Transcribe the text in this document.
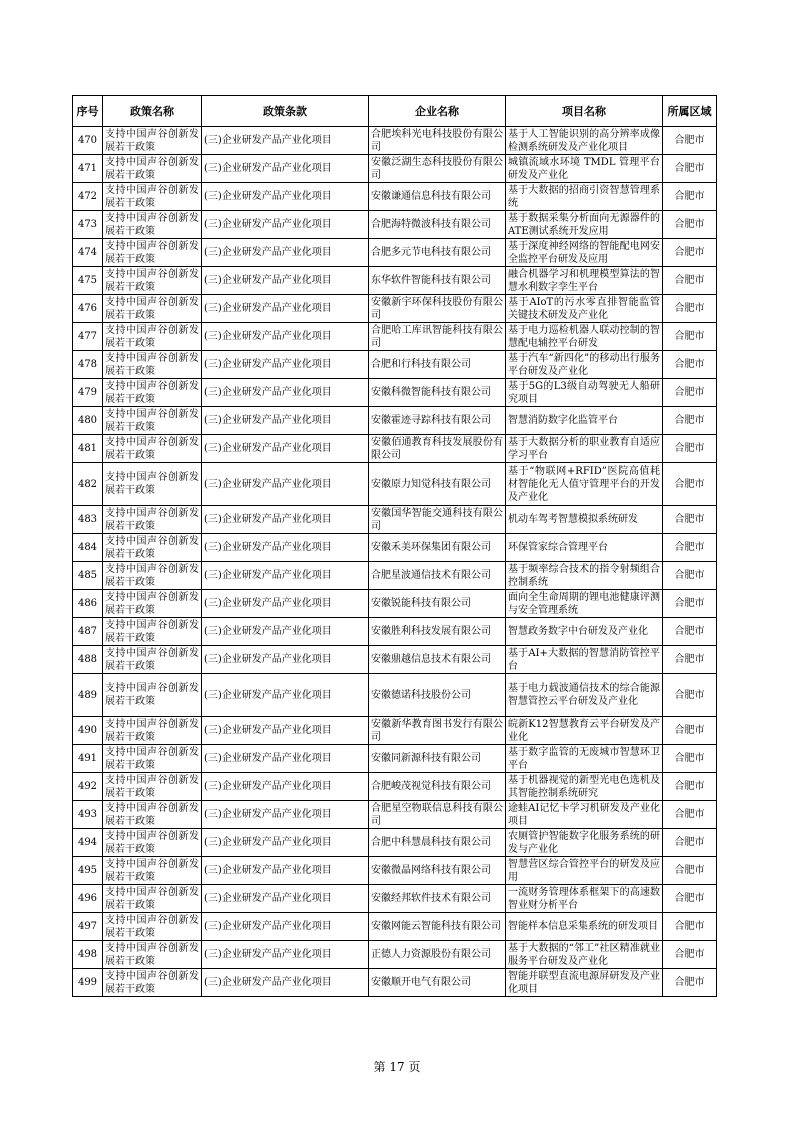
序号	政策名称	政策条款	企业名称	项目名称	所属区域
470	支持中国声谷创新发展若干政策	(三)企业研发产品产业化项目	合肥埃科光电科技股份有限公司	基于人工智能识别的高分辨率成像检测系统研发及产业化项目	合肥市
471	支持中国声谷创新发展若干政策	(三)企业研发产品产业化项目	安徽泛湖生态科技股份有限公司	城镇流域水环境 TMDL 管理平台研发及产业化	合肥市
472	支持中国声谷创新发展若干政策	(三)企业研发产品产业化项目	安徽谦通信息科技有限公司	基于大数据的招商引资智慧管理系统	合肥市
473	支持中国声谷创新发展若干政策	(三)企业研发产品产业化项目	合肥海特微波科技有限公司	基于数据采集分析面向无源器件的ATE测试系统开发应用	合肥市
474	支持中国声谷创新发展若干政策	(三)企业研发产品产业化项目	合肥多元节电科技有限公司	基于深度神经网络的智能配电网安全监控平台研发及应用	合肥市
475	支持中国声谷创新发展若干政策	(三)企业研发产品产业化项目	东华软件智能科技有限公司	融合机器学习和机理模型算法的智慧水利数字孪生平台	合肥市
476	支持中国声谷创新发展若干政策	(三)企业研发产品产业化项目	安徽新宇环保科技股份有限公司	基于AIoT的污水零直排智能监管关键技术研发及产业化	合肥市
477	支持中国声谷创新发展若干政策	(三)企业研发产品产业化项目	合肥哈工库讯智能科技有限公司	基于电力巡检机器人联动控制的智慧配电辅控平台研发	合肥市
478	支持中国声谷创新发展若干政策	(三)企业研发产品产业化项目	合肥和行科技有限公司	基于汽车“新四化”的移动出行服务平台研发及产业化	合肥市
479	支持中国声谷创新发展若干政策	(三)企业研发产品产业化项目	安徽科微智能科技有限公司	基于5G的L3级自动驾驶无人船研究项目	合肥市
480	支持中国声谷创新发展若干政策	(三)企业研发产品产业化项目	安徽霍迹寻踪科技有限公司	智慧消防数字化监管平台	合肥市
481	支持中国声谷创新发展若干政策	(三)企业研发产品产业化项目	安徽佰通教育科技发展股份有限公司	基于大数据分析的职业教育自适应学习平台	合肥市
482	支持中国声谷创新发展若干政策	(三)企业研发产品产业化项目	安徽原力知觉科技有限公司	基于“物联网+RFID”医院高值耗材智能化无人值守管理平台的开发及产业化	合肥市
483	支持中国声谷创新发展若干政策	(三)企业研发产品产业化项目	安徽国华智能交通科技有限公司	机动车驾考智慧模拟系统研发	合肥市
484	支持中国声谷创新发展若干政策	(三)企业研发产品产业化项目	安徽禾美环保集团有限公司	环保管家综合管理平台	合肥市
485	支持中国声谷创新发展若干政策	(三)企业研发产品产业化项目	合肥星波通信技术有限公司	基于频率综合技术的指令射频组合控制系统	合肥市
486	支持中国声谷创新发展若干政策	(三)企业研发产品产业化项目	安徽锐能科技有限公司	面向全生命周期的锂电池健康评测与安全管理系统	合肥市
487	支持中国声谷创新发展若干政策	(三)企业研发产品产业化项目	安徽胜利科技发展有限公司	智慧政务数字中台研发及产业化	合肥市
488	支持中国声谷创新发展若干政策	(三)企业研发产品产业化项目	安徽鼎越信息技术有限公司	基于AI+大数据的智慧消防管控平台	合肥市
489	支持中国声谷创新发展若干政策	(三)企业研发产品产业化项目	安徽德诺科技股份公司	基于电力载波通信技术的综合能源智慧管控云平台研发及产业化	合肥市
490	支持中国声谷创新发展若干政策	(三)企业研发产品产业化项目	安徽新华教育图书发行有限公司	皖新K12智慧教育云平台研发及产业化	合肥市
491	支持中国声谷创新发展若干政策	(三)企业研发产品产业化项目	安徽同新源科技有限公司	基于数字监管的无废城市智慧环卫平台	合肥市
492	支持中国声谷创新发展若干政策	(三)企业研发产品产业化项目	合肥峻茂视觉科技有限公司	基于机器视觉的新型光电色选机及其智能控制系统研究	合肥市
493	支持中国声谷创新发展若干政策	(三)企业研发产品产业化项目	合肥星空物联信息科技有限公司	途蛙AI记忆卡学习机研发及产业化项目	合肥市
494	支持中国声谷创新发展若干政策	(三)企业研发产品产业化项目	合肥中科慧晨科技有限公司	农厕管护智能数字化服务系统的研发与产业化	合肥市
495	支持中国声谷创新发展若干政策	(三)企业研发产品产业化项目	安徽微晶网络科技有限公司	智慧营区综合管控平台的研发及应用	合肥市
496	支持中国声谷创新发展若干政策	(三)企业研发产品产业化项目	安徽经邦软件技术有限公司	一流财务管理体系框架下的高速数智业财分析平台	合肥市
497	支持中国声谷创新发展若干政策	(三)企业研发产品产业化项目	安徽网能云智能科技有限公司	智能样本信息采集系统的研发项目	合肥市
498	支持中国声谷创新发展若干政策	(三)企业研发产品产业化项目	正德人力资源股份有限公司	基于大数据的“邻工”社区精准就业服务平台研发及产业化	合肥市
499	支持中国声谷创新发展若干政策	(三)企业研发产品产业化项目	安徽顺开电气有限公司	智能并联型直流电源屏研发及产业化项目	合肥市
第 17 页
